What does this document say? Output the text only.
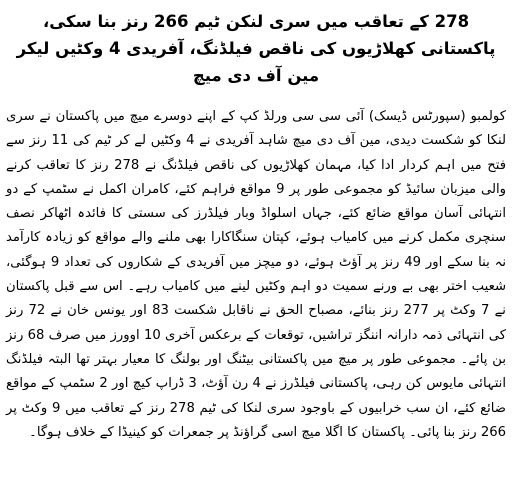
278 کے تعاقب میں سری لنکن ٹیم 266 رنز بنا سکی، پاکستانی کھلاڑیوں کی ناقص فیلڈنگ، آفریدی 4 وکٹیں لیکر مین آف دی میچ

کولمبو (سپورٹس ڈیسک) آئی سی سی ورلڈ کپ کے اپنے دوسرے میچ میں پاکستان نے سری لنکا کو شکست دیدی، مین آف دی میچ شاہد آفریدی نے 4 وکٹیں لے کر ٹیم کی 11 رنز سے فتح میں اہم کردار ادا کیا، مہمان کھلاڑیوں کی ناقص فیلڈنگ نے 278 رنز کا تعاقب کرنے والی میزبان سائیڈ کو مجموعی طور پر 9 مواقع فراہم کئے، کامران اکمل نے سٹمپ کے دو انتہائی آسان مواقع ضائع کئے، جہاں اسلواڈ وبار فیلڈرز کی سستی کا فائدہ اٹھاکر نصف سنچری مکمل کرنے میں کامیاب ہوئے، کپتان سنگاکارا بھی ملنے والے مواقع کو زیادہ کارآمد نہ بنا سکے اور 49 رنز پر آؤٹ ہوئے، دو میچز میں آفریدی کے شکاروں کی تعداد 9 ہوگئی، شعیب اختر بھی بے ورنے سمیت دو اہم وکٹیں لینے میں کامیاب رہے۔ اس سے قبل پاکستان نے 7 وکٹ پر 277 رنز بنائے، مصباح الحق نے ناقابل شکست 83 اور یونس خان نے 72 رنز کی انتہائی ذمہ دارانہ اننگز تراشیں، توقعات کے برعکس آخری 10 اوورز میں صرف 68 رنز بن پائے۔ مجموعی طور پر میچ میں پاکستانی بیٹنگ اور بولنگ کا معیار بہتر تھا البتہ فیلڈنگ انتہائی مایوس کن رہی، پاکستانی فیلڈرز نے 4 رن آؤٹ، 3 ڈراپ کیچ اور 2 سٹمپ کے مواقع ضائع کئے، ان سب خرابیوں کے باوجود سری لنکا کی ٹیم 278 رنز کے تعاقب میں 9 وکٹ پر 266 رنز بنا پائی۔ پاکستان کا اگلا میچ اسی گراؤنڈ پر جمعرات کو کینیڈا کے خلاف ہوگا۔
